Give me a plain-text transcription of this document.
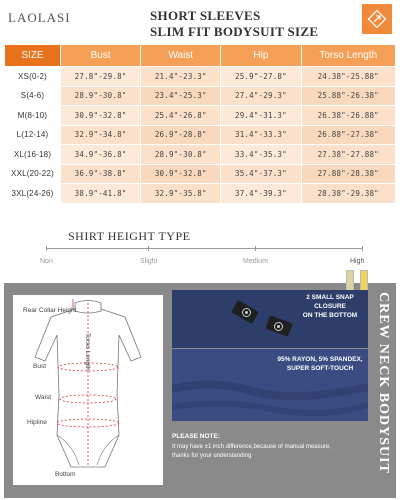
LAOLASI	SHORT SLEEVES
SLIM FIT BODYSUIT SIZE
SIZE	Bust	Waist	Hip	Torso Length
XS(0-2)	27.8"-29.8"	21.4"-23.3"	25.9"-27.8"	24.38"-25.88"
S(4-6)	28.9"-30.8"	23.4"-25.3"	27.4"-29.3"	25.88"-26.38"
M(8-10)	30.9"-32.8"	25.4"-26.8"	29.4"-31.3"	26.38"-26.88"
L(12-14)	32.9"-34.8"	26.9"-28.8"	31.4"-33.3"	26.88"-27.38"
XL(16-18)	34.9"-36.8"	28.9"-30.8"	33.4"-35.3"	27.38"-27.88"
XXL(20-22)	36.9"-38.8"	30.9"-32.8"	35.4"-37.3"	27.88"-28.38"
3XL(24-26)	38.9"-41.8"	32.9"-35.8"	37.4"-39.3"	28.38"-29.38"
SHIRT HEIGHT TYPE
Non	Slight	Medium	High
Rear Collar Height
Torso Length
Bust
Waist
Hipline
Bottom
2 SMALL SNAP CLOSURE
ON THE BOTTOM
95% RAYON, 5% SPANDEX,
SUPER SOFT-TOUCH
PLEASE NOTE:
It may have ±1 inch difference,because of manual measure,
thanks for your understanding	CREW NECK BODYSUIT
